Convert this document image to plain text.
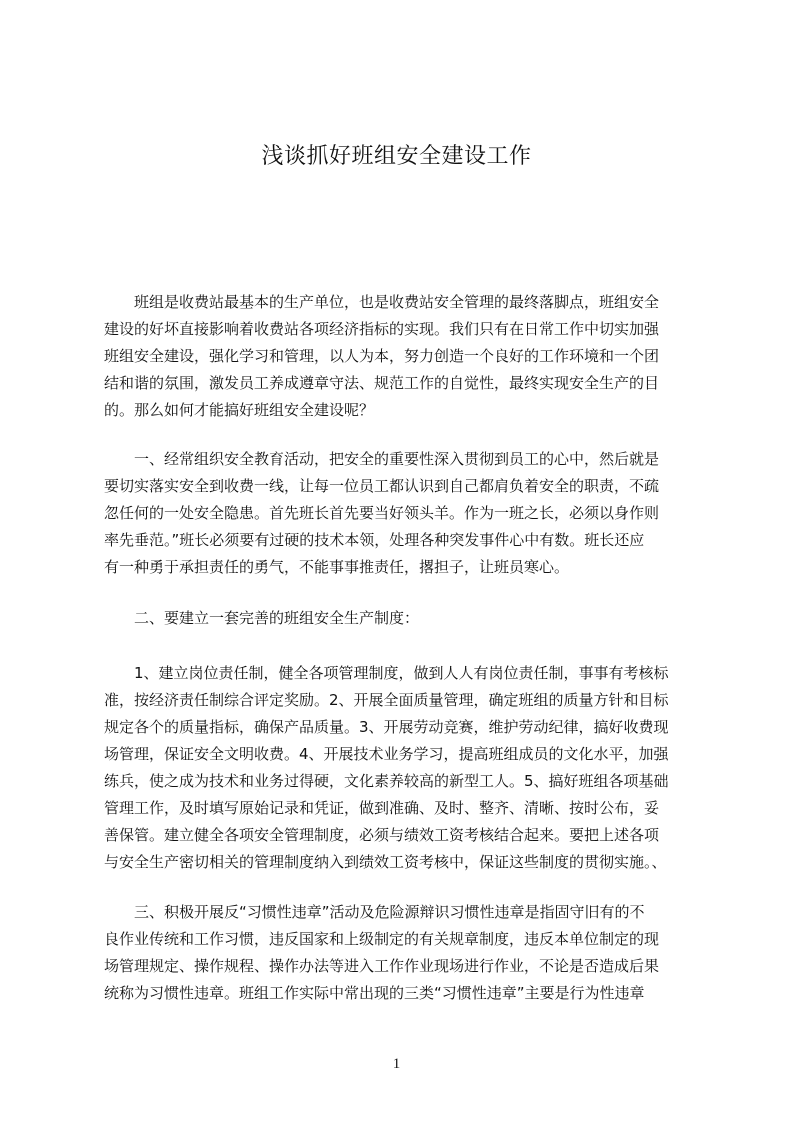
浅谈抓好班组安全建设工作
　　班组是收费站最基本的生产单位，也是收费站安全管理的最终落脚点，班组安全
建设的好坏直接影响着收费站各项经济指标的实现。我们只有在日常工作中切实加强
班组安全建设，强化学习和管理，以人为本，努力创造一个良好的工作环境和一个团
结和谐的氛围，激发员工养成遵章守法、规范工作的自觉性，最终实现安全生产的目
的。那么如何才能搞好班组安全建设呢？
　　一、经常组织安全教育活动，把安全的重要性深入贯彻到员工的心中，然后就是
要切实落实安全到收费一线，让每一位员工都认识到自己都肩负着安全的职责，不疏
忽任何的一处安全隐患。首先班长首先要当好领头羊。作为一班之长，必须以身作则
率先垂范。”班长必须要有过硬的技术本领，处理各种突发事件心中有数。班长还应
有一种勇于承担责任的勇气，不能事事推责任，撂担子，让班员寒心。
　　二、要建立一套完善的班组安全生产制度：
　　1、建立岗位责任制，健全各项管理制度，做到人人有岗位责任制，事事有考核标
准，按经济责任制综合评定奖励。2、开展全面质量管理，确定班组的质量方针和目标
规定各个的质量指标，确保产品质量。3、开展劳动竞赛，维护劳动纪律，搞好收费现
场管理，保证安全文明收费。4、开展技术业务学习，提高班组成员的文化水平，加强
练兵，使之成为技术和业务过得硬，文化素养较高的新型工人。5、搞好班组各项基础
管理工作，及时填写原始记录和凭证，做到准确、及时、整齐、清晰、按时公布，妥
善保管。建立健全各项安全管理制度，必须与绩效工资考核结合起来。要把上述各项
与安全生产密切相关的管理制度纳入到绩效工资考核中，保证这些制度的贯彻实施。、
　　三、积极开展反“习惯性违章”活动及危险源辩识习惯性违章是指固守旧有的不
良作业传统和工作习惯，违反国家和上级制定的有关规章制度，违反本单位制定的现
场管理规定、操作规程、操作办法等进入工作作业现场进行作业，不论是否造成后果
统称为习惯性违章。班组工作实际中常出现的三类“习惯性违章”主要是行为性违章
1
